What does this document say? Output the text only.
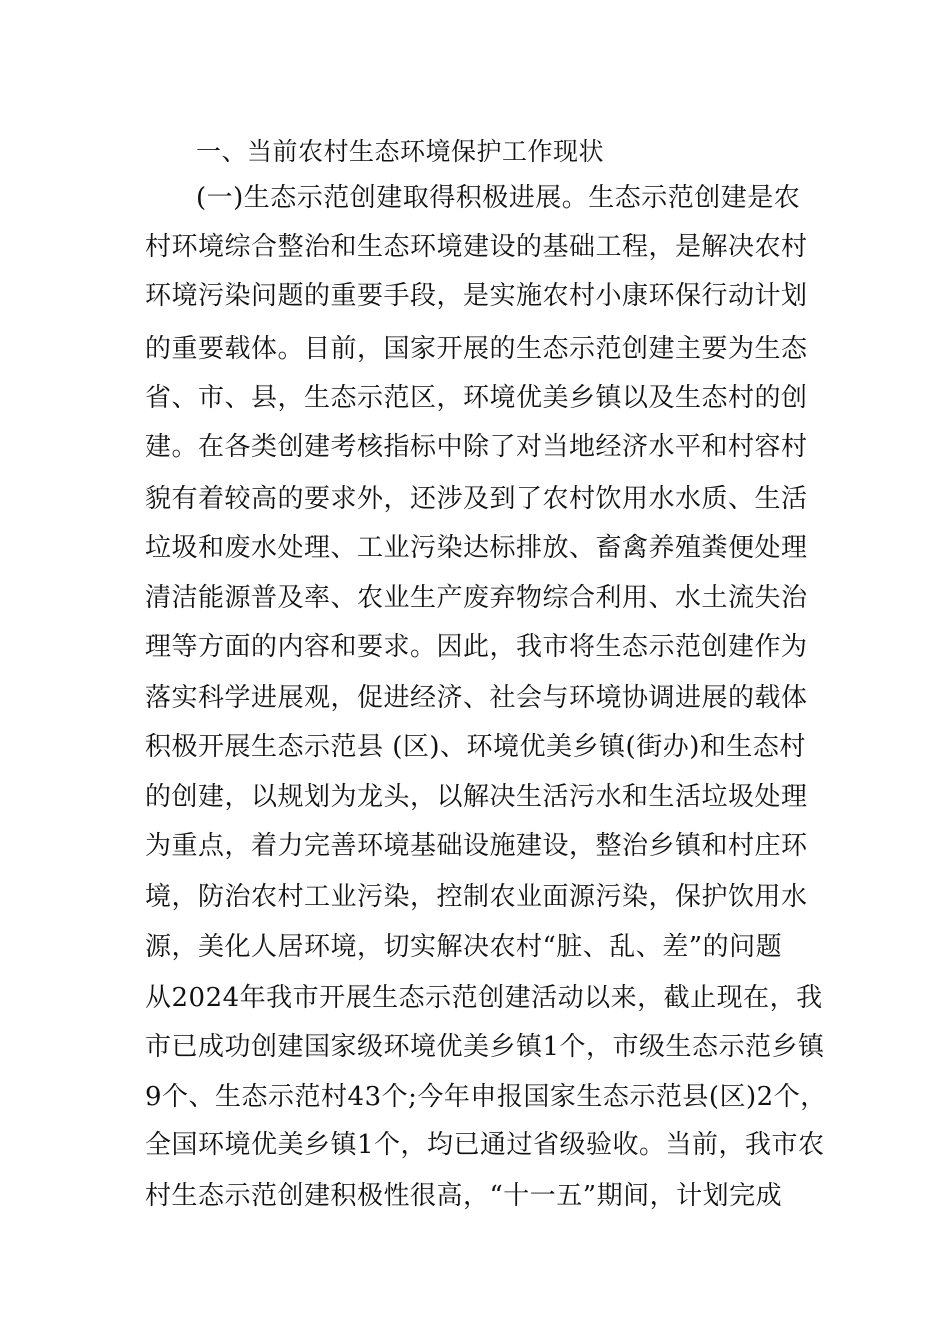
一、当前农村生态环境保护工作现状
(一)生态示范创建取得积极进展。生态示范创建是农
村环境综合整治和生态环境建设的基础工程，是解决农村
环境污染问题的重要手段，是实施农村小康环保行动计划
的重要载体。目前，国家开展的生态示范创建主要为生态
省、市、县，生态示范区，环境优美乡镇以及生态村的创
建。在各类创建考核指标中除了对当地经济水平和村容村
貌有着较高的要求外，还涉及到了农村饮用水水质、生活
垃圾和废水处理、工业污染达标排放、畜禽养殖粪便处理
清洁能源普及率、农业生产废弃物综合利用、水土流失治
理等方面的内容和要求。因此，我市将生态示范创建作为
落实科学进展观，促进经济、社会与环境协调进展的载体
积极开展生态示范县 (区)、环境优美乡镇(街办)和生态村
的创建，以规划为龙头，以解决生活污水和生活垃圾处理
为重点，着力完善环境基础设施建设，整治乡镇和村庄环
境，防治农村工业污染，控制农业面源污染，保护饮用水
源，美化人居环境，切实解决农村“脏、乱、差”的问题
从2024年我市开展生态示范创建活动以来，截止现在，我
市已成功创建国家级环境优美乡镇1个，市级生态示范乡镇
9个、生态示范村43个;今年申报国家生态示范县(区)2个，
全国环境优美乡镇1个，均已通过省级验收。当前，我市农
村生态示范创建积极性很高，“十一五”期间，计划完成
